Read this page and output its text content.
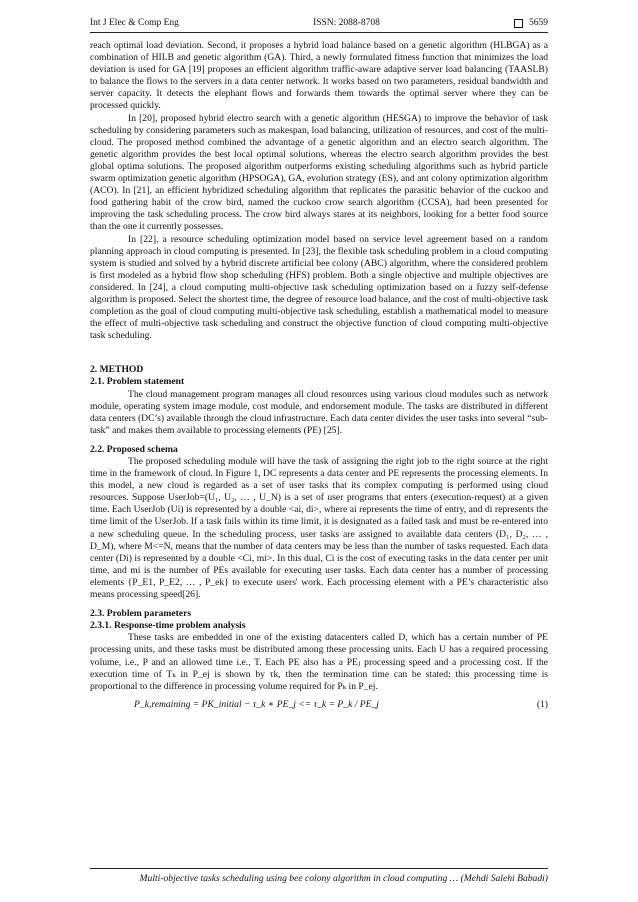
Int J Elec & Comp Eng	ISSN: 2088-8708	5659

reach optimal load deviation. Second, it proposes a hybrid load balance based on a genetic algorithm (HLBGA) as a combination of HILB and genetic algorithm (GA). Third, a newly formulated fitness function that minimizes the load deviation is used for GA [19] proposes an efficient algorithm traffic-aware adaptive server load balancing (TAASLB) to balance the flows to the servers in a data center network. It works based on two parameters, residual bandwidth and server capacity. It detects the elephant flows and forwards them towards the optimal server where they can be processed quickly.

In [20], proposed hybrid electro search with a genetic algorithm (HESGA) to improve the behavior of task scheduling by considering parameters such as makespan, load balancing, utilization of resources, and cost of the multi-cloud. The proposed method combined the advantage of a genetic algorithm and an electro search algorithm. The genetic algorithm provides the best local optimal solutions, whereas the electro search algorithm provides the best global optima solutions. The proposed algorithm outperforms existing scheduling algorithms such as hybrid particle swarm optimization genetic algorithm (HPSOGA), GA, evolution strategy (ES), and ant colony optimization algorithm (ACO). In [21], an efficient hybridized scheduling algorithm that replicates the parasitic behavior of the cuckoo and food gathering habit of the crow bird, named the cuckoo crow search algorithm (CCSA), had been presented for improving the task scheduling process. The crow bird always stares at its neighbors, looking for a better food source than the one it currently possesses.

In [22], a resource scheduling optimization model based on service level agreement based on a random planning approach in cloud computing is presented. In [23], the flexible task scheduling problem in a cloud computing system is studied and solved by a hybrid discrete artificial bee colony (ABC) algorithm, where the considered problem is first modeled as a hybrid flow shop scheduling (HFS) problem. Both a single objective and multiple objectives are considered. In [24], a cloud computing multi-objective task scheduling optimization based on a fuzzy self-defense algorithm is proposed. Select the shortest time, the degree of resource load balance, and the cost of multi-objective task completion as the goal of cloud computing multi-objective task scheduling, establish a mathematical model to measure the effect of multi-objective task scheduling and construct the objective function of cloud computing multi-objective task scheduling.

2. METHOD
2.1. Problem statement

The cloud management program manages all cloud resources using various cloud modules such as network module, operating system image module, cost module, and endorsement module. The tasks are distributed in different data centers (DC’s) available through the cloud infrastructure. Each data center divides the user tasks into several “sub-task” and makes them available to processing elements (PE) [25].

2.2. Proposed schema

The proposed scheduling module will have the task of assigning the right job to the right source at the right time in the framework of cloud. In Figure 1, DC represents a data center and PE represents the processing elements. In this model, a new cloud is regarded as a set of user tasks that its complex computing is performed using cloud resources. Suppose UserJob=(U₁, U₂, … , U_N) is a set of user programs that enters (execution-request) at a given time. Each UserJob (Ui) is represented by a double <ai, di>, where ai represents the time of entry, and di represents the time limit of the UserJob. If a task fails within its time limit, it is designated as a failed task and must be re-entered into a new scheduling queue. In the scheduling process, user tasks are assigned to available data centers (D₁, D₂, … , D_M), where M<=N, means that the number of data centers may be less than the number of tasks requested. Each data center (Di) is represented by a double <Ci, mi>. In this dual, Ci is the cost of executing tasks in the data center per unit time, and mi is the number of PEs available for executing user tasks. Each data center has a number of processing elements {P_E1, P_E2, … , P_ek} to execute users' work. Each processing element with a PE’s characteristic also means processing speed[26].

2.3. Problem parameters
2.3.1. Response-time problem analysis

These tasks are embedded in one of the existing datacenters called D, which has a certain number of PE processing units, and these tasks must be distributed among these processing units. Each U has a required processing volume, i.e., P and an allowed time i.e., T. Each PE also has a PEⱼ processing speed and a processing cost. If the execution time of Tₖ in P_ej is shown by τk, then the termination time can be stated: this processing time is proportional to the difference in processing volume required for Pₖ in P_ej.

P_k,remaining = PK_initial − τ_k ∗ PE_j <= τ_k = P_k / PE_j	(1)
Multi-objective tasks scheduling using bee colony algorithm in cloud computing … (Mehdi Salehi Babadi)
